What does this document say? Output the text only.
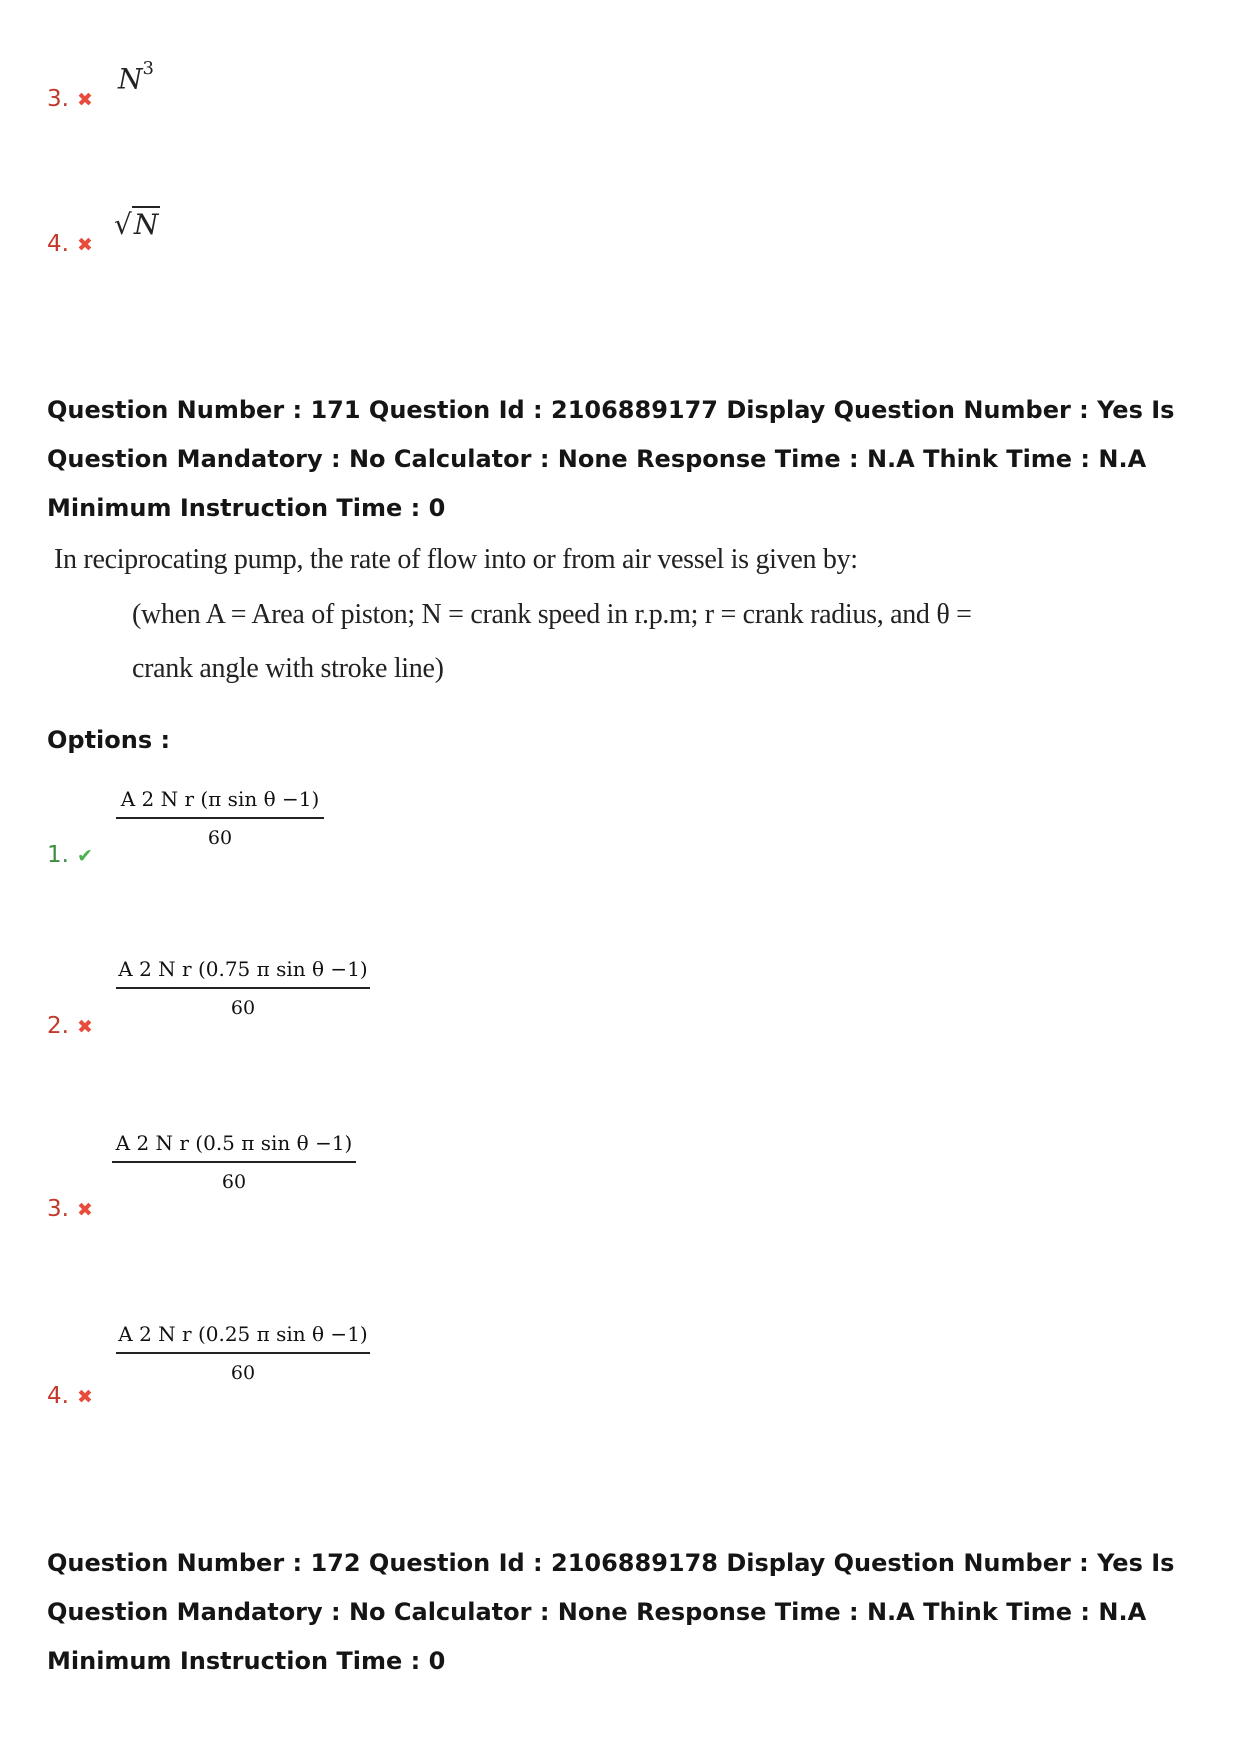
3. ✖
$N^3$
4. ✖
√N
Question Number : 171 Question Id : 2106889177 Display Question Number : Yes Is Question Mandatory : No Calculator : None Response Time : N.A Think Time : N.A Minimum Instruction Time : 0
In reciprocating pump, the rate of flow into or from air vessel is given by:
(when A = Area of piston; N = crank speed in r.p.m; r = crank radius, and θ =
crank angle with stroke line)
Options :
$\frac{\text{A 2 N r (π sin θ −1)}}{60}$
1. ✔
$\frac{\text{A 2 N r (0.75 π sin θ −1)}}{60}$
2. ✖
$\frac{\text{A 2 N r (0.5 π sin θ −1)}}{60}$
3. ✖
$\frac{\text{A 2 N r (0.25 π sin θ −1)}}{60}$
4. ✖
Question Number : 172 Question Id : 2106889178 Display Question Number : Yes Is Question Mandatory : No Calculator : None Response Time : N.A Think Time : N.A Minimum Instruction Time : 0
